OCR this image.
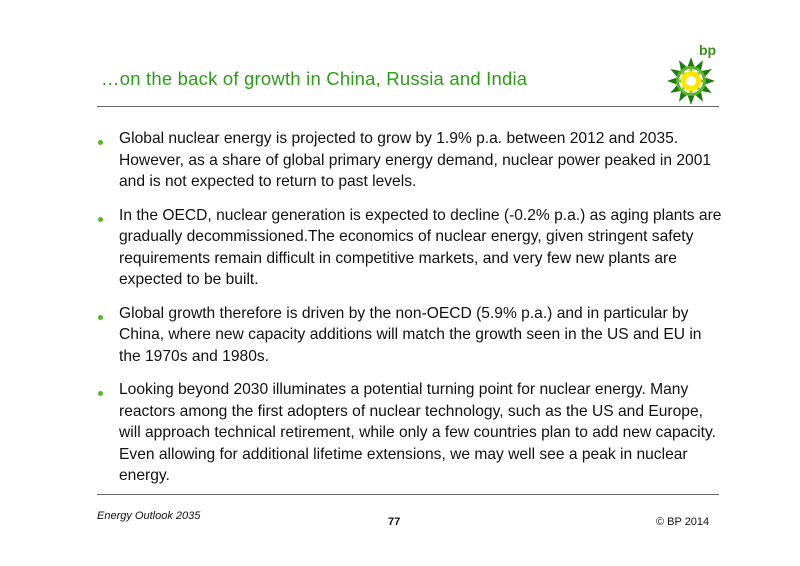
bp
…on the back of growth in China, Russia and India
Global nuclear energy is projected to grow by 1.9% p.a. between 2012 and 2035. However, as a share of global primary energy demand, nuclear power peaked in 2001 and is not expected to return to past levels.
In the OECD, nuclear generation is expected to decline (-0.2% p.a.) as aging plants are gradually decommissioned.The economics of nuclear energy, given stringent safety requirements remain difficult in competitive markets, and very few new plants are expected to be built.
Global growth therefore is driven by the non-OECD (5.9% p.a.) and in particular by China, where new capacity additions will match the growth seen in the US and EU in the 1970s and 1980s.
Looking beyond 2030 illuminates a potential turning point for nuclear energy. Many reactors among the first adopters of nuclear technology, such as the US and Europe, will approach technical retirement, while only a few countries plan to add new capacity. Even allowing for additional lifetime extensions, we may well see a peak in nuclear energy.
Energy Outlook 2035	77	© BP 2014
